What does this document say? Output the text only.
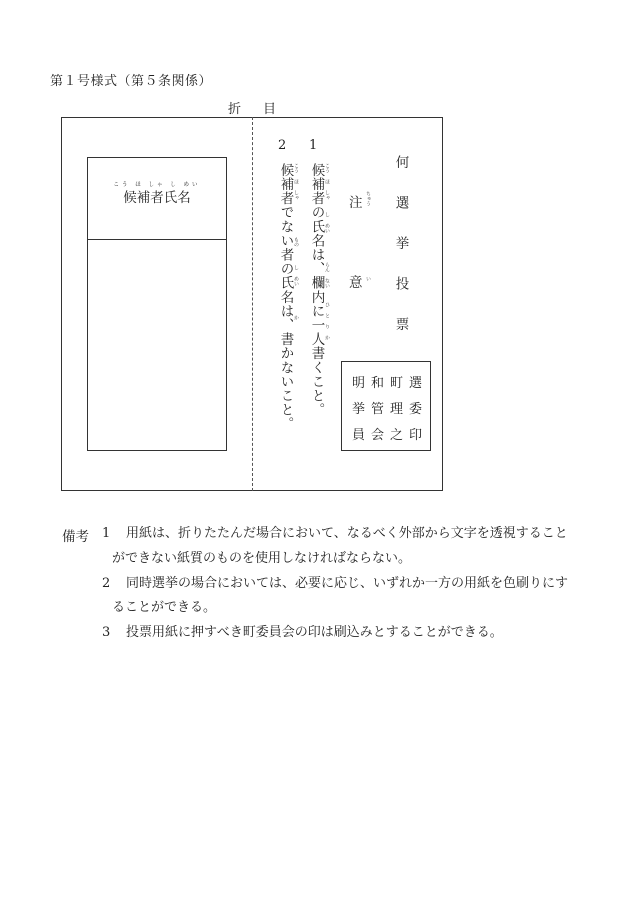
第１号様式（第５条関係）
折 目
こう ほ しゃ し めい
候補者氏名
1
候補者の氏名は、欄内に一人書くこと。
2
候補者でない者の氏名は、書かないこと。	こう ほ しゃ
し めい
らん ない
ひ と り か
こう ほ しゃ
もの
し めい
か
注 ちゅう
意 い 何選挙投票
明 和 町 選
挙 管 理 委
員 会 之 印
備考 1 用紙は、折りたたんだ場合において、なるべく外部から文字を透視すること
ができない紙質のものを使用しなければならない。
2 同時選挙の場合においては、必要に応じ、いずれか一方の用紙を色刷りにす
ることができる。
3 投票用紙に押すべき町委員会の印は刷込みとすることができる。
